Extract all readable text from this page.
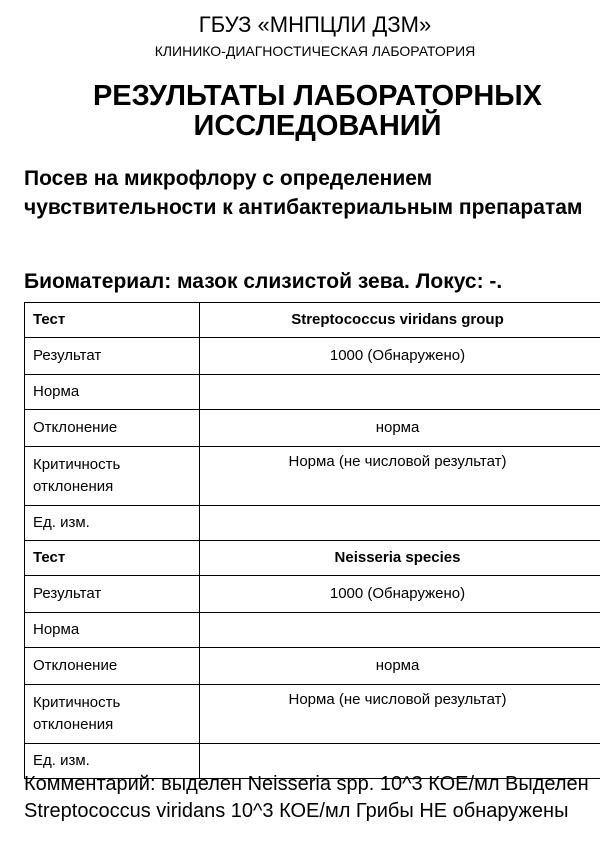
ГБУЗ «МНПЦЛИ ДЗМ»
КЛИНИКО-ДИАГНОСТИЧЕСКАЯ ЛАБОРАТОРИЯ
РЕЗУЛЬТАТЫ ЛАБОРАТОРНЫХ
ИССЛЕДОВАНИЙ
Посев на микрофлору с определением чувствительности к антибактериальным препаратам
Биоматериал: мазок слизистой зева. Локус: -.
Тест	Streptococcus viridans group
Результат	1000 (Обнаружено)
Норма	
Отклонение	норма
Критичность отклонения	Норма (не числовой результат)
Ед. изм.	
Тест	Neisseria species
Результат	1000 (Обнаружено)
Норма	
Отклонение	норма
Критичность отклонения	Норма (не числовой результат)
Ед. изм.	
Комментарий: выделен Neisseria spp. 10^3 КОЕ/мл Выделен Streptococcus viridans 10^3 КОЕ/мл Грибы НЕ обнаружены
